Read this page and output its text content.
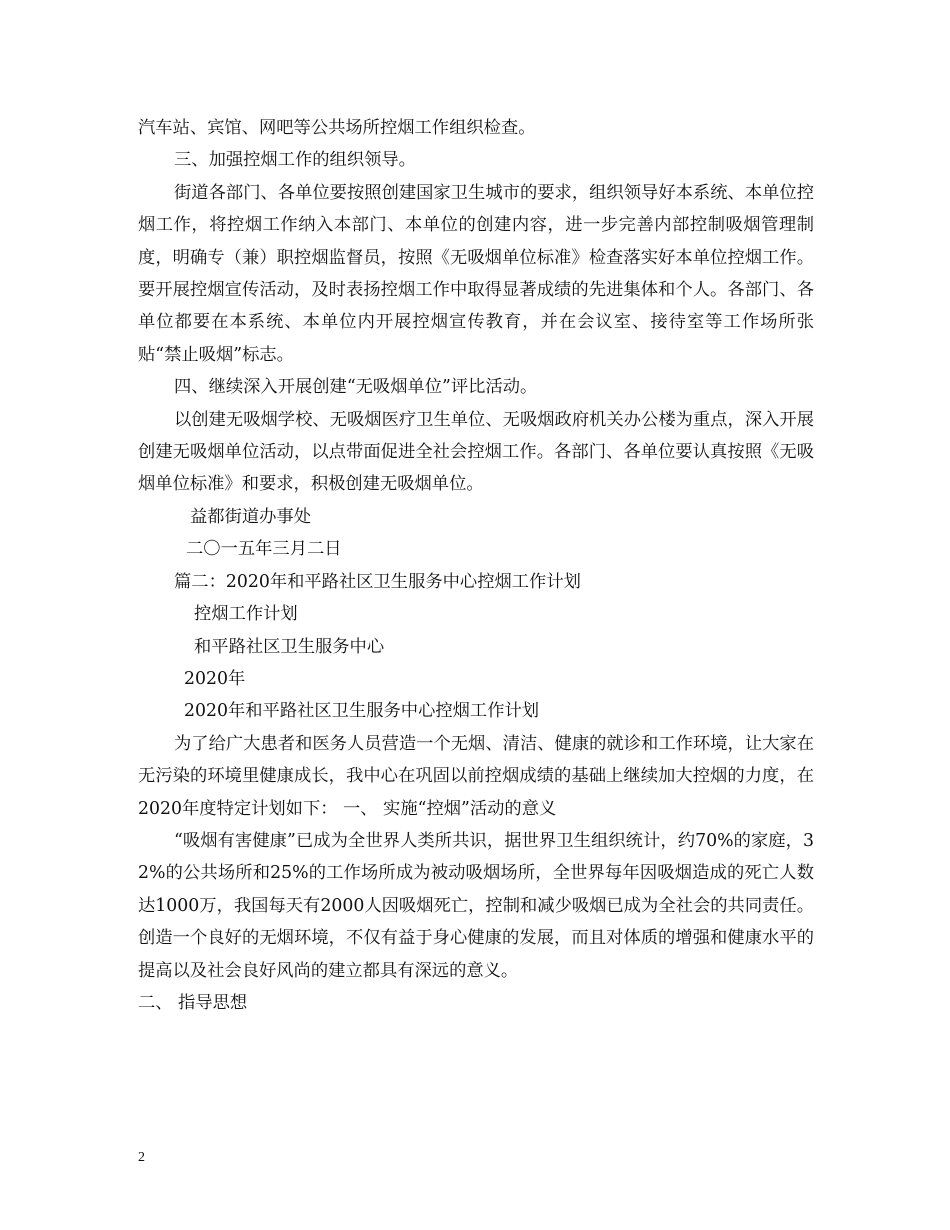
汽车站、宾馆、网吧等公共场所控烟工作组织检查。

三、加强控烟工作的组织领导。

街道各部门、各单位要按照创建国家卫生城市的要求，组织领导好本系统、本单位控烟工作，将控烟工作纳入本部门、本单位的创建内容，进一步完善内部控制吸烟管理制度，明确专（兼）职控烟监督员，按照《无吸烟单位标准》检查落实好本单位控烟工作。要开展控烟宣传活动，及时表扬控烟工作中取得显著成绩的先进集体和个人。各部门、各单位都要在本系统、本单位内开展控烟宣传教育，并在会议室、接待室等工作场所张贴“禁止吸烟”标志。

四、继续深入开展创建“无吸烟单位”评比活动。

以创建无吸烟学校、无吸烟医疗卫生单位、无吸烟政府机关办公楼为重点，深入开展创建无吸烟单位活动，以点带面促进全社会控烟工作。各部门、各单位要认真按照《无吸烟单位标准》和要求，积极创建无吸烟单位。

益都街道办事处

二〇一五年三月二日

篇二：2020年和平路社区卫生服务中心控烟工作计划

控烟工作计划

和平路社区卫生服务中心

2020年

2020年和平路社区卫生服务中心控烟工作计划

为了给广大患者和医务人员营造一个无烟、清洁、健康的就诊和工作环境，让大家在无污染的环境里健康成长，我中心在巩固以前控烟成绩的基础上继续加大控烟的力度，在2020年度特定计划如下： 一、 实施“控烟”活动的意义

“吸烟有害健康”已成为全世界人类所共识，据世界卫生组织统计，约70%的家庭，32%的公共场所和25%的工作场所成为被动吸烟场所，全世界每年因吸烟造成的死亡人数达1000万，我国每天有2000人因吸烟死亡，控制和减少吸烟已成为全社会的共同责任。创造一个良好的无烟环境，不仅有益于身心健康的发展，而且对体质的增强和健康水平的提高以及社会良好风尚的建立都具有深远的意义。

二、 指导思想

2
